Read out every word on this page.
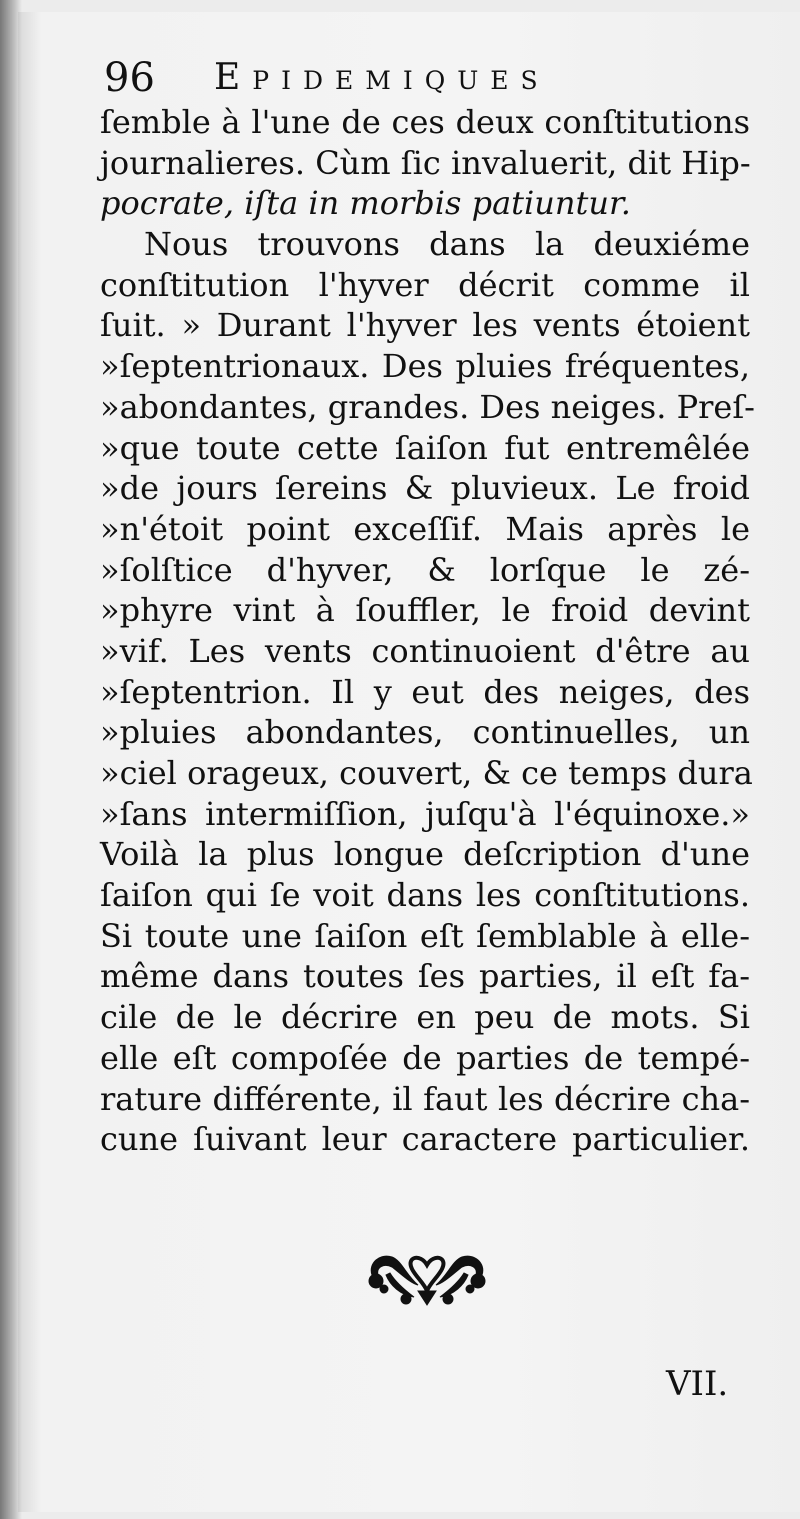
96 Epidemiques
ſemble à l'une de ces deux conſtitutions
journalieres. Cùm ſic invaluerit, dit Hip-
pocrate, iſta in morbis patiuntur.
Nous trouvons dans la deuxiéme
conſtitution l'hyver décrit comme il
ſuit. » Durant l'hyver les vents étoient
»ſeptentrionaux. Des pluies fréquentes,
»abondantes, grandes. Des neiges. Preſ-
»que toute cette ſaiſon fut entremêlée
»de jours ſereins & pluvieux. Le froid
»n'étoit point exceſſif. Mais après le
»ſolſtice d'hyver, & lorſque le zé-
»phyre vint à ſouffler, le froid devint
»vif. Les vents continuoient d'être au
»ſeptentrion. Il y eut des neiges, des
»pluies abondantes, continuelles, un
»ciel orageux, couvert, & ce temps dura
»ſans intermiſſion, juſqu'à l'équinoxe.»
Voilà la plus longue deſcription d'une
ſaiſon qui ſe voit dans les conſtitutions.
Si toute une ſaiſon eſt ſemblable à elle-
même dans toutes ſes parties, il eſt fa-
cile de le décrire en peu de mots. Si
elle eſt compoſée de parties de tempé-
rature différente, il faut les décrire cha-
cune ſuivant leur caractere particulier.
VII.
